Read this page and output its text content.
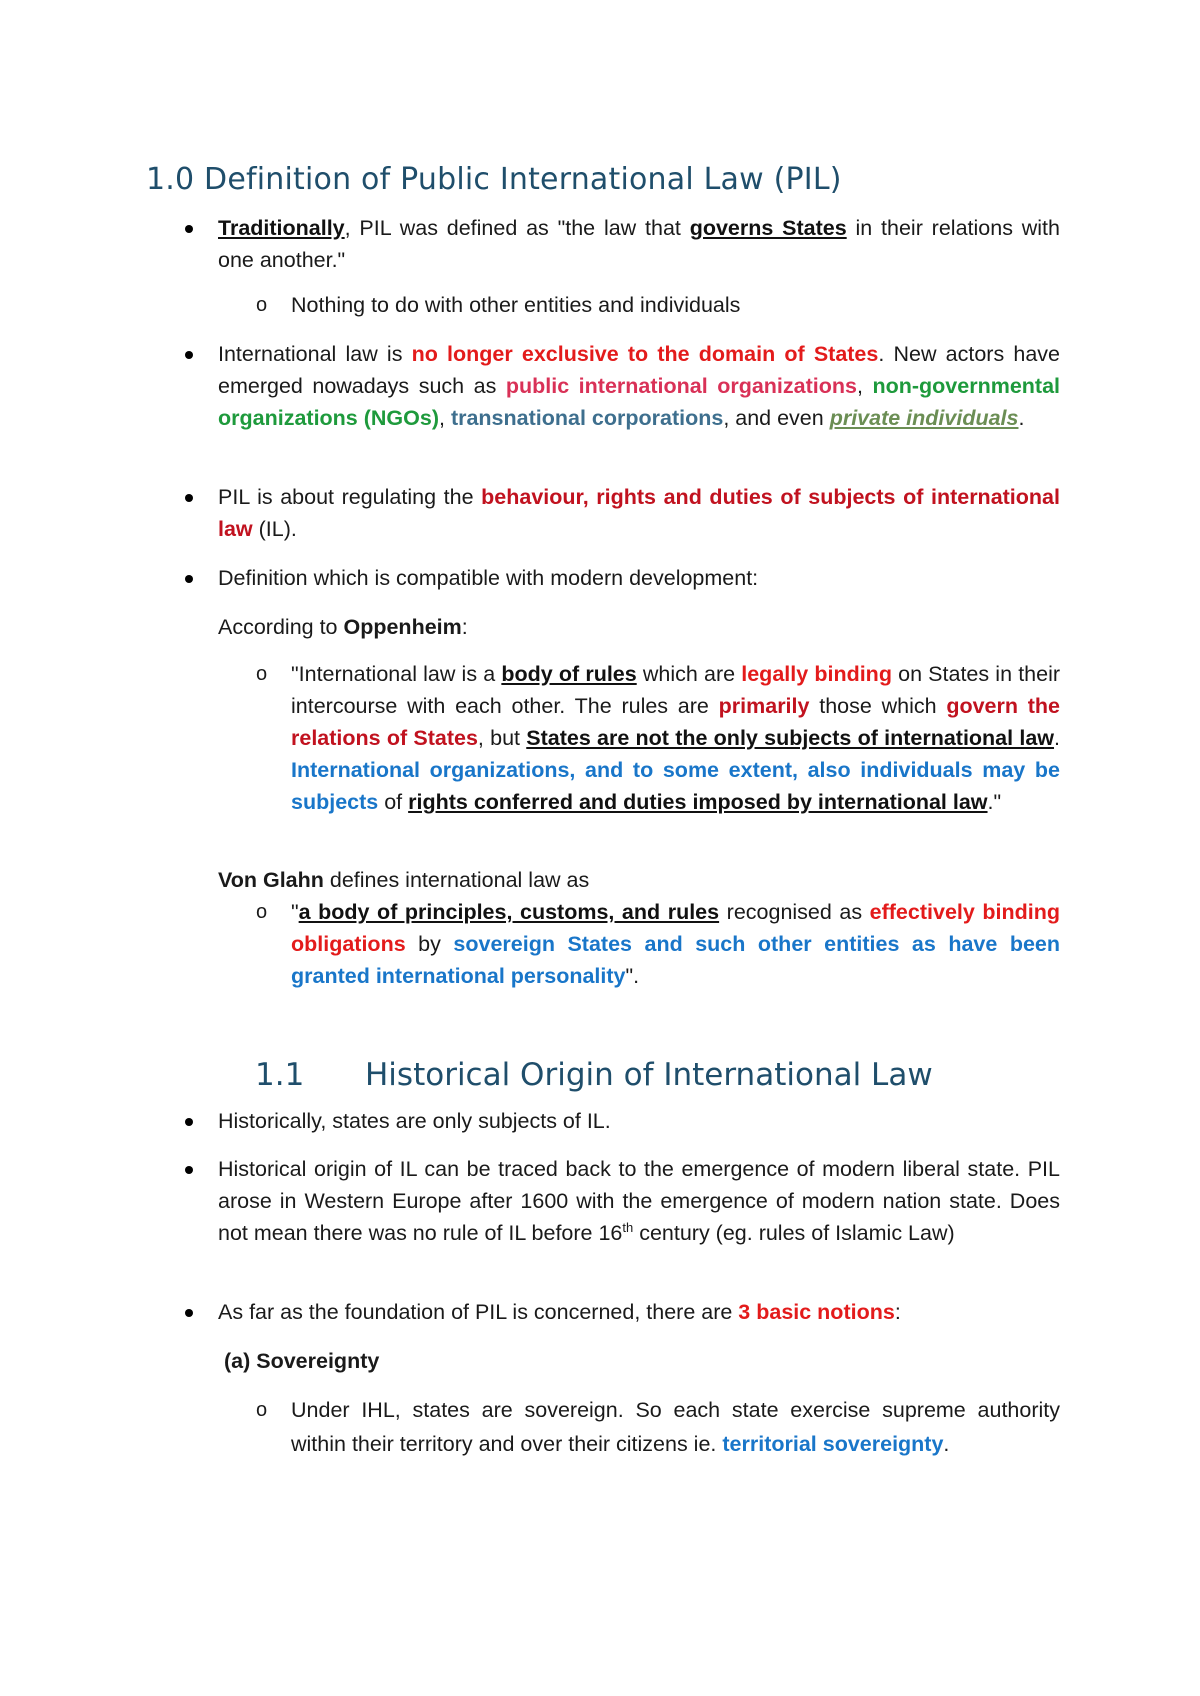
1.0 Definition of Public International Law (PIL)

Traditionally, PIL was defined as "the law that governs States in their relations with one another."

o Nothing to do with other entities and individuals

International law is no longer exclusive to the domain of States. New actors have emerged nowadays such as public international organizations, non-governmental organizations (NGOs), transnational corporations, and even private individuals.

PIL is about regulating the behaviour, rights and duties of subjects of international law (IL).

Definition which is compatible with modern development:

According to Oppenheim:

o "International law is a body of rules which are legally binding on States in their intercourse with each other. The rules are primarily those which govern the relations of States, but States are not the only subjects of international law. International organizations, and to some extent, also individuals may be subjects of rights conferred and duties imposed by international law."

Von Glahn defines international law as

o "a body of principles, customs, and rules recognised as effectively binding obligations by sovereign States and such other entities as have been granted international personality".

1.1 Historical Origin of International Law

Historically, states are only subjects of IL.

Historical origin of IL can be traced back to the emergence of modern liberal state. PIL arose in Western Europe after 1600 with the emergence of modern nation state. Does not mean there was no rule of IL before 16th century (eg. rules of Islamic Law)

As far as the foundation of PIL is concerned, there are 3 basic notions:

(a) Sovereignty

o Under IHL, states are sovereign. So each state exercise supreme authority within their territory and over their citizens ie. territorial sovereignty.
